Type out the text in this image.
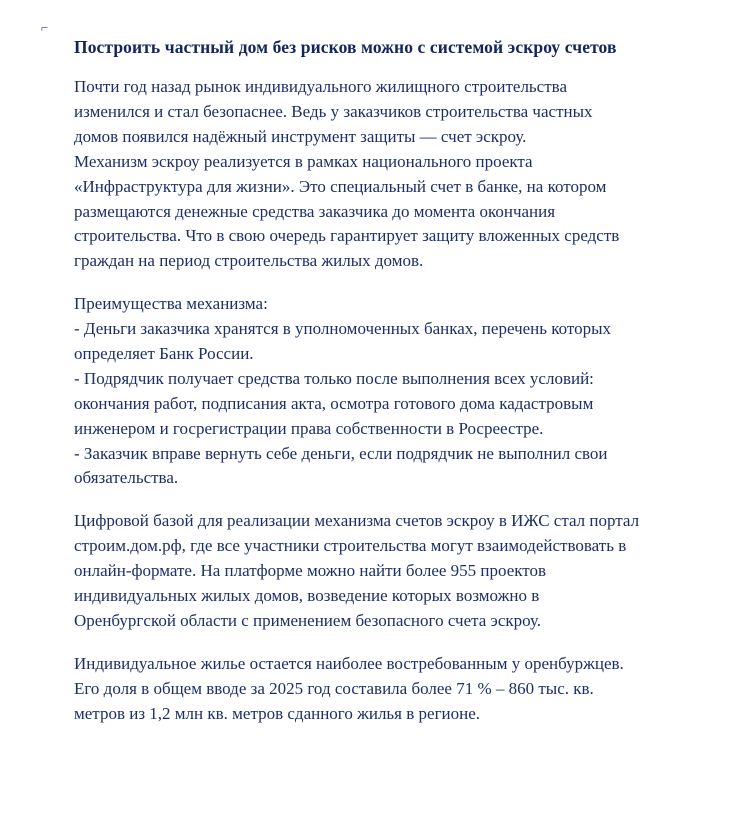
⌐
Построить частный дом без рисков можно с системой эскроу счетов

Почти год назад рынок индивидуального жилищного строительства
изменился и стал безопаснее. Ведь у заказчиков строительства частных
домов появился надёжный инструмент защиты — счет эскроу.
Механизм эскроу реализуется в рамках национального проекта
«Инфраструктура для жизни». Это специальный счет в банке, на котором
размещаются денежные средства заказчика до момента окончания
строительства. Что в свою очередь гарантирует защиту вложенных средств
граждан на период строительства жилых домов.

Преимущества механизма:
- Деньги заказчика хранятся в уполномоченных банках, перечень которых
определяет Банк России.
- Подрядчик получает средства только после выполнения всех условий:
окончания работ, подписания акта, осмотра готового дома кадастровым
инженером и госрегистрации права собственности в Росреестре.
- Заказчик вправе вернуть себе деньги, если подрядчик не выполнил свои
обязательства.

Цифровой базой для реализации механизма счетов эскроу в ИЖС стал портал
строим.дом.рф, где все участники строительства могут взаимодействовать в
онлайн-формате. На платформе можно найти более 955 проектов
индивидуальных жилых домов, возведение которых возможно в
Оренбургской области с применением безопасного счета эскроу.

Индивидуальное жилье остается наиболее востребованным у оренбуржцев.
Его доля в общем вводе за 2025 год составила более 71 % – 860 тыс. кв.
метров из 1,2 млн кв. метров сданного жилья в регионе.
